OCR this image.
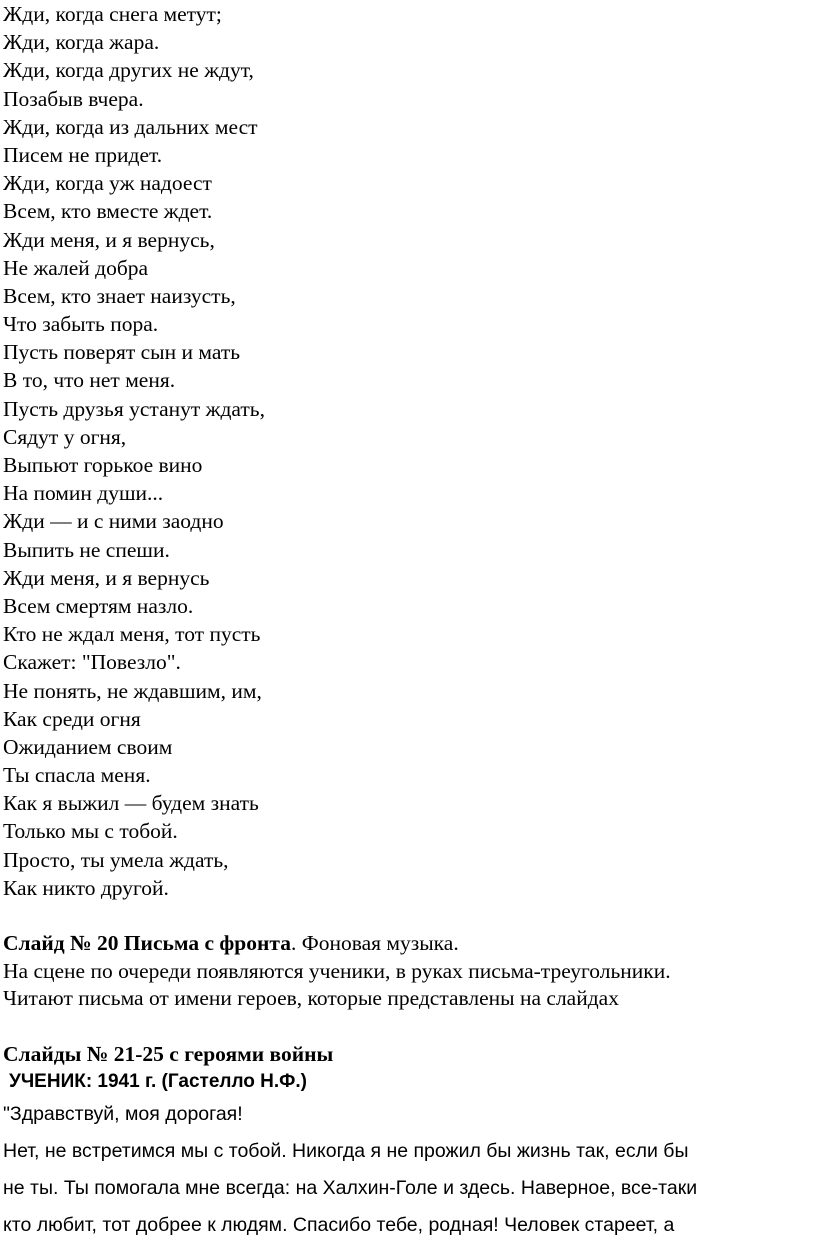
Жди, когда снега метут;
Жди, когда жара.
Жди, когда других не ждут,
Позабыв вчера.
Жди, когда из дальних мест
Писем не придет.
Жди, когда уж надоест
Всем, кто вместе ждет.
Жди меня, и я вернусь,
Не жалей добра
Всем, кто знает наизусть,
Что забыть пора.
Пусть поверят сын и мать
В то, что нет меня.
Пусть друзья устанут ждать,
Сядут у огня,
Выпьют горькое вино
На помин души...
Жди — и с ними заодно
Выпить не спеши.
Жди меня, и я вернусь
Всем смертям назло.
Кто не ждал меня, тот пусть
Скажет: "Повезло".
Не понять, не ждавшим, им,
Как среди огня
Ожиданием своим
Ты спасла меня.
Как я выжил — будем знать
Только мы с тобой.
Просто, ты умела ждать,
Как никто другой.
Слайд № 20 Письма с фронта. Фоновая музыка.
На сцене по очереди появляются ученики, в руках письма-треугольники.
Читают письма от имени героев, которые представлены на слайдах
Слайды № 21-25 с героями войны
УЧЕНИК: 1941 г. (Гастелло Н.Ф.)
"Здравствуй, моя дорогая!
Нет, не встретимся мы с тобой. Никогда я не прожил бы жизнь так, если бы
не ты. Ты помогала мне всегда: на Халхин-Голе и здесь. Наверное, все-таки
кто любит, тот добрее к людям. Спасибо тебе, родная! Человек стареет, а
